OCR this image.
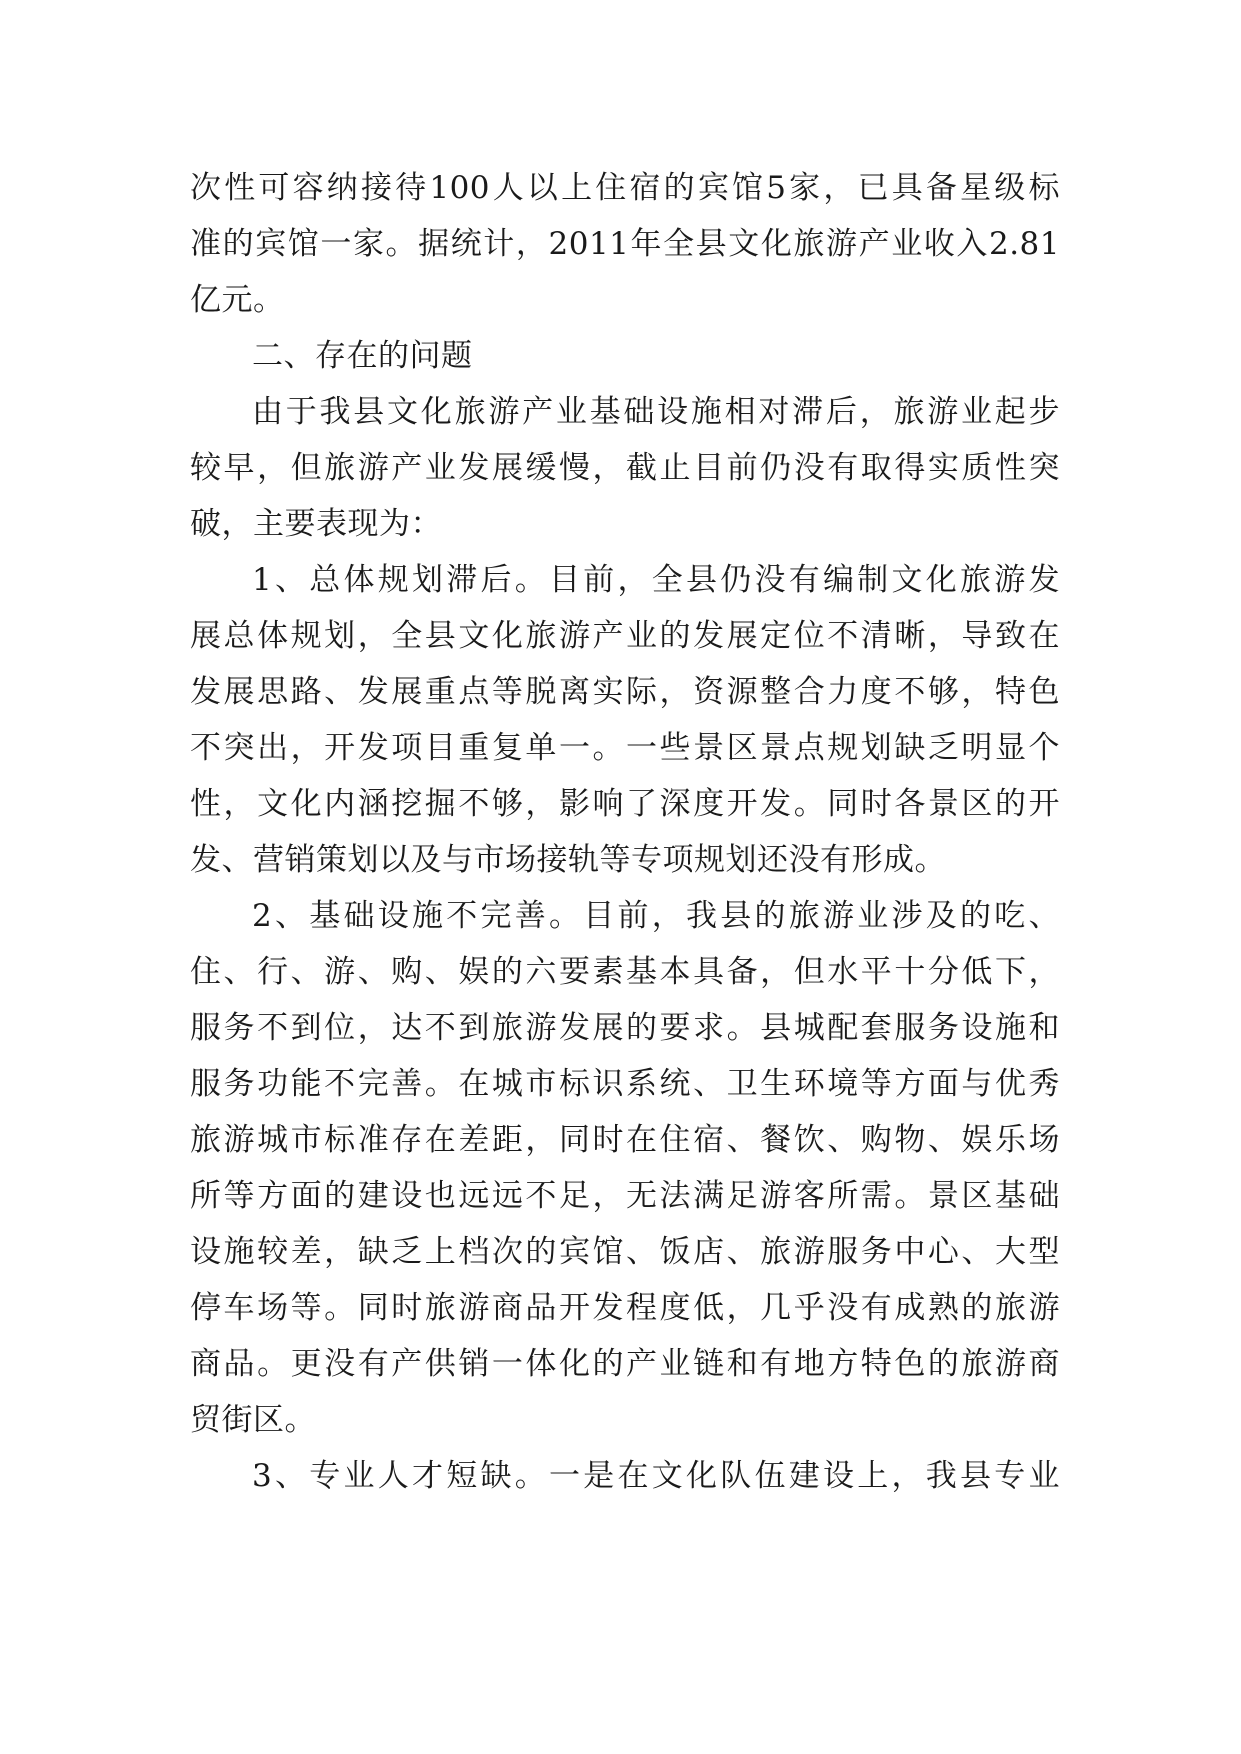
次性可容纳接待100人以上住宿的宾馆5家，已具备星级标
准的宾馆一家。据统计，2011年全县文化旅游产业收入2.81
亿元。
二、存在的问题
由于我县文化旅游产业基础设施相对滞后，旅游业起步
较早，但旅游产业发展缓慢，截止目前仍没有取得实质性突
破，主要表现为：
1、总体规划滞后。目前，全县仍没有编制文化旅游发
展总体规划，全县文化旅游产业的发展定位不清晰，导致在
发展思路、发展重点等脱离实际，资源整合力度不够，特色
不突出，开发项目重复单一。一些景区景点规划缺乏明显个
性，文化内涵挖掘不够，影响了深度开发。同时各景区的开
发、营销策划以及与市场接轨等专项规划还没有形成。
2、基础设施不完善。目前，我县的旅游业涉及的吃、
住、行、游、购、娱的六要素基本具备，但水平十分低下，
服务不到位，达不到旅游发展的要求。县城配套服务设施和
服务功能不完善。在城市标识系统、卫生环境等方面与优秀
旅游城市标准存在差距，同时在住宿、餐饮、购物、娱乐场
所等方面的建设也远远不足，无法满足游客所需。景区基础
设施较差，缺乏上档次的宾馆、饭店、旅游服务中心、大型
停车场等。同时旅游商品开发程度低，几乎没有成熟的旅游
商品。更没有产供销一体化的产业链和有地方特色的旅游商
贸街区。
3、专业人才短缺。一是在文化队伍建设上，我县专业
